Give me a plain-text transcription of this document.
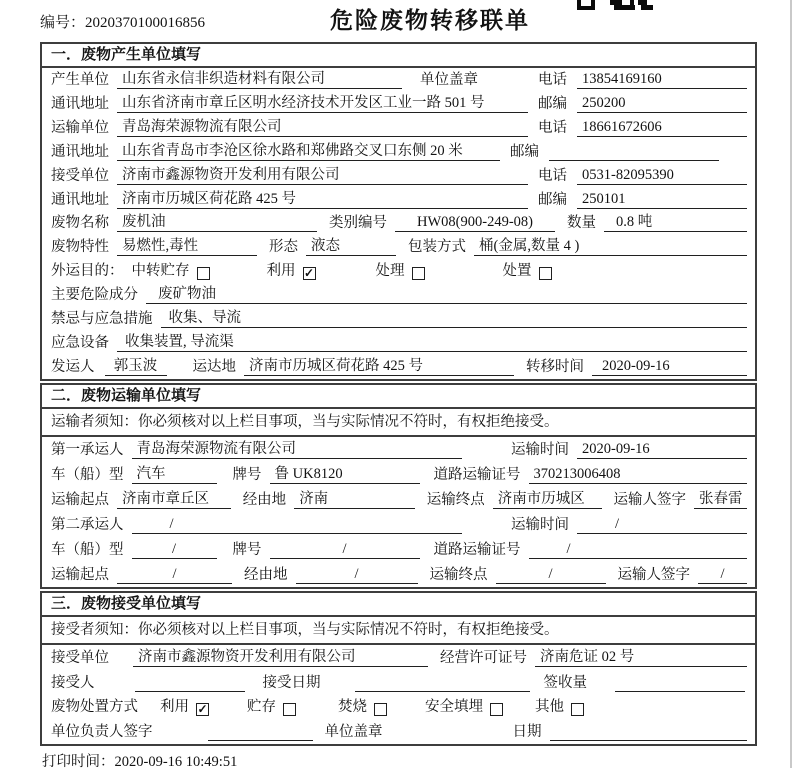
编号：2020370100016856	危险废物转移联单
一．废物产生单位填写
产生单位 山东省永信非织造材料有限公司	单位盖章	电话	13854169160
通讯地址 山东省济南市章丘区明水经济技术开发区工业一路 501 号	邮编	250200
运输单位 青岛海荣源物流有限公司	电话	18661672606
通讯地址 山东省青岛市李沧区徐水路和郑佛路交叉口东侧 20 米	邮编
接受单位 济南市鑫源物资开发利用有限公司	电话	0531-82095390
通讯地址 济南市历城区荷花路 425 号	邮编	250101
废物名称 废机油	类别编号	HW08(900-249-08)	数量	0.8 吨
废物特性 易燃性,毒性	形态 液态	包装方式 桶(金属,数量 4 )
外运目的： 中转贮存	利用 ✓	处理	处置
主要危险成分	废矿物油
禁忌与应急措施	收集、导流
应急设备	收集装置, 导流渠
发运人	郭玉波	运达地 济南市历城区荷花路 425 号	转移时间	2020-09-16
二．废物运输单位填写
运输者须知：你必须核对以上栏目事项，当与实际情况不符时，有权拒绝接受。
第一承运人 青岛海荣源物流有限公司	运输时间 2020-09-16
车（船）型 汽车	牌号 鲁 UK8120	道路运输证号 370213006408
运输起点 济南市章丘区	经由地 济南	运输终点 济南市历城区	运输人签字 张春雷
第二承运人	/	运输时间	/
车（船）型	/	牌号	/	道路运输证号	/
运输起点	/	经由地	/	运输终点	/	运输人签字	/
三．废物接受单位填写
接受者须知：你必须核对以上栏目事项，当与实际情况不符时，有权拒绝接受。
接受单位	济南市鑫源物资开发利用有限公司	经营许可证号 济南危证 02 号
接受人	接受日期	签收量
废物处置方式 利用 ✓	贮存	焚烧	安全填埋	其他
单位负责人签字	单位盖章	日期
打印时间：2020-09-16 10:49:51
